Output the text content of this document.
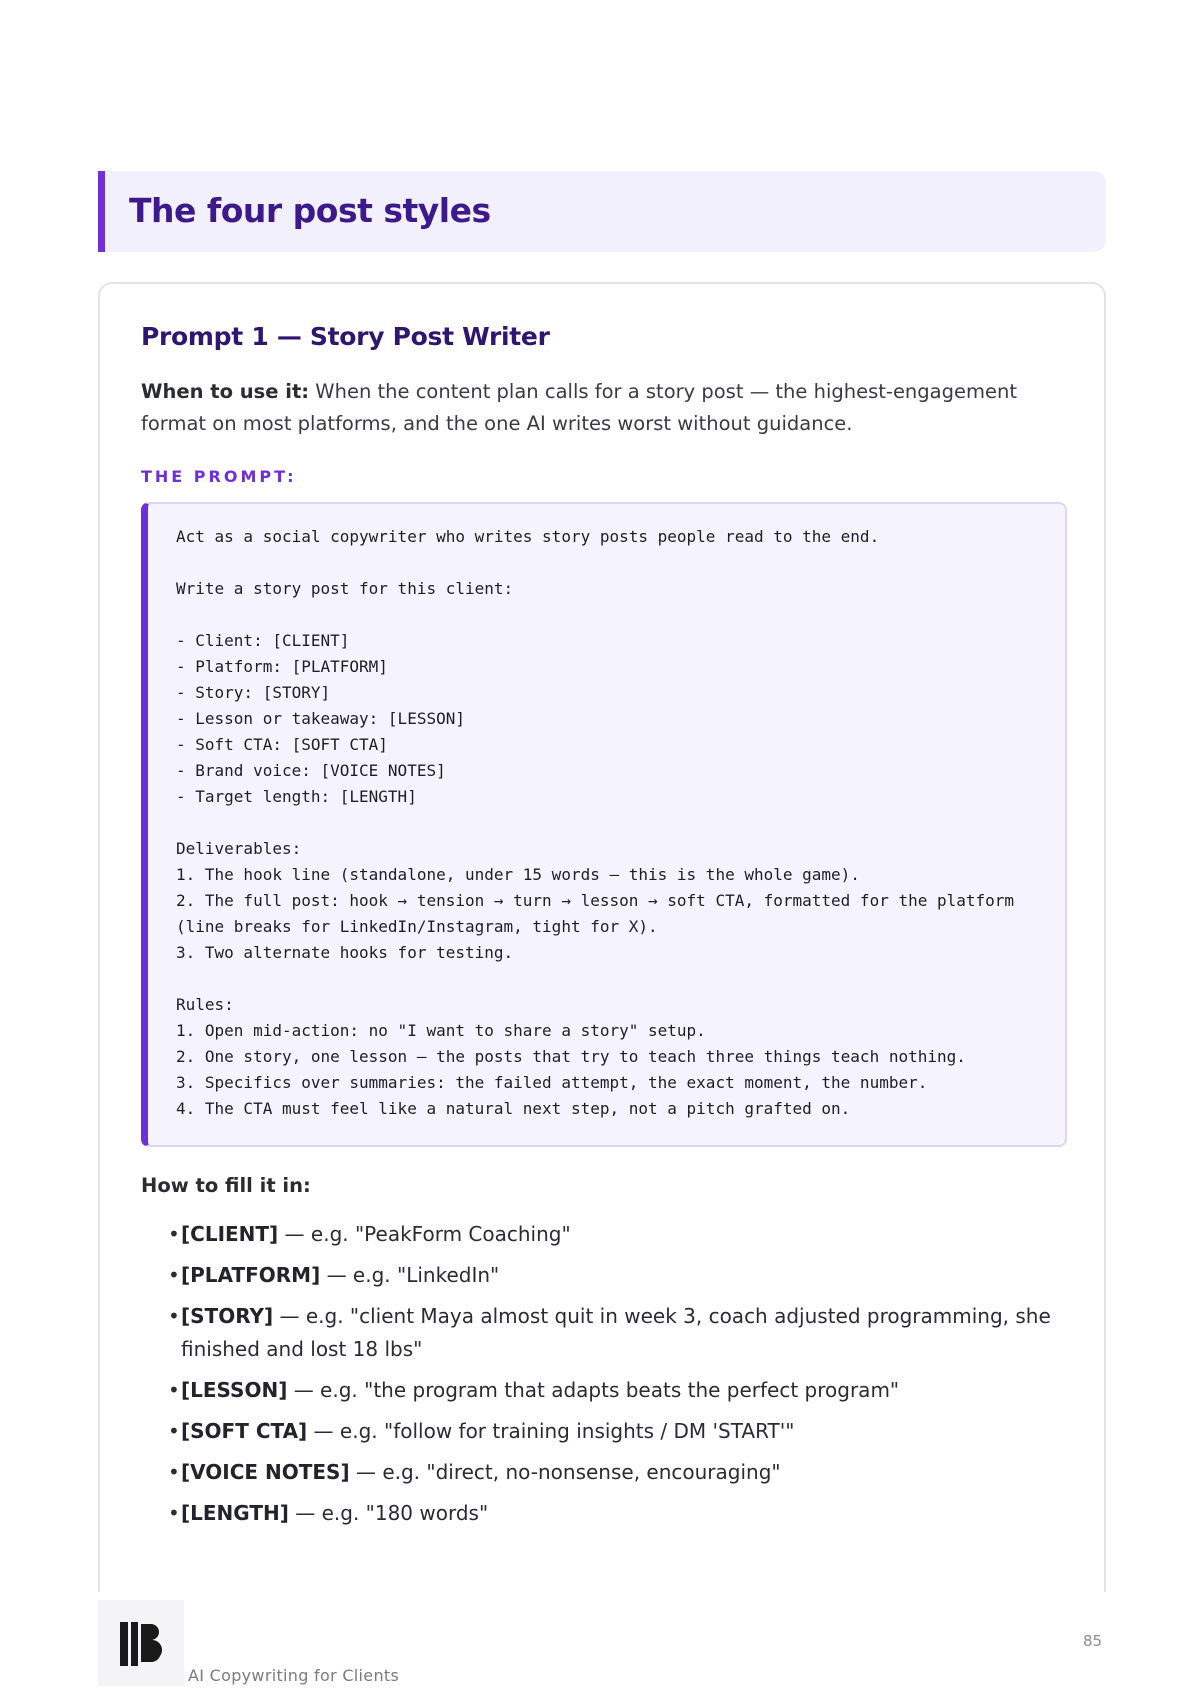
The four post styles
Prompt 1 — Story Post Writer

When to use it: When the content plan calls for a story post — the highest-engagement format on most platforms, and the one AI writes worst without guidance.

THE PROMPT:
Act as a social copywriter who writes story posts people read to the end.

Write a story post for this client:

- Client: [CLIENT]
- Platform: [PLATFORM]
- Story: [STORY]
- Lesson or takeaway: [LESSON]
- Soft CTA: [SOFT CTA]
- Brand voice: [VOICE NOTES]
- Target length: [LENGTH]

Deliverables:
1. The hook line (standalone, under 15 words — this is the whole game).
2. The full post: hook → tension → turn → lesson → soft CTA, formatted for the platform
(line breaks for LinkedIn/Instagram, tight for X).
3. Two alternate hooks for testing.

Rules:
1. Open mid-action: no "I want to share a story" setup.
2. One story, one lesson — the posts that try to teach three things teach nothing.
3. Specifics over summaries: the failed attempt, the exact moment, the number.
4. The CTA must feel like a natural next step, not a pitch grafted on.
How to fill it in:
• [CLIENT] — e.g. "PeakForm Coaching"
• [PLATFORM] — e.g. "LinkedIn"
• [STORY] — e.g. "client Maya almost quit in week 3, coach adjusted programming, she finished and lost 18 lbs"
• [LESSON] — e.g. "the program that adapts beats the perfect program"
• [SOFT CTA] — e.g. "follow for training insights / DM 'START'"
• [VOICE NOTES] — e.g. "direct, no-nonsense, encouraging"
• [LENGTH] — e.g. "180 words"
AI Copywriting for Clients
85
